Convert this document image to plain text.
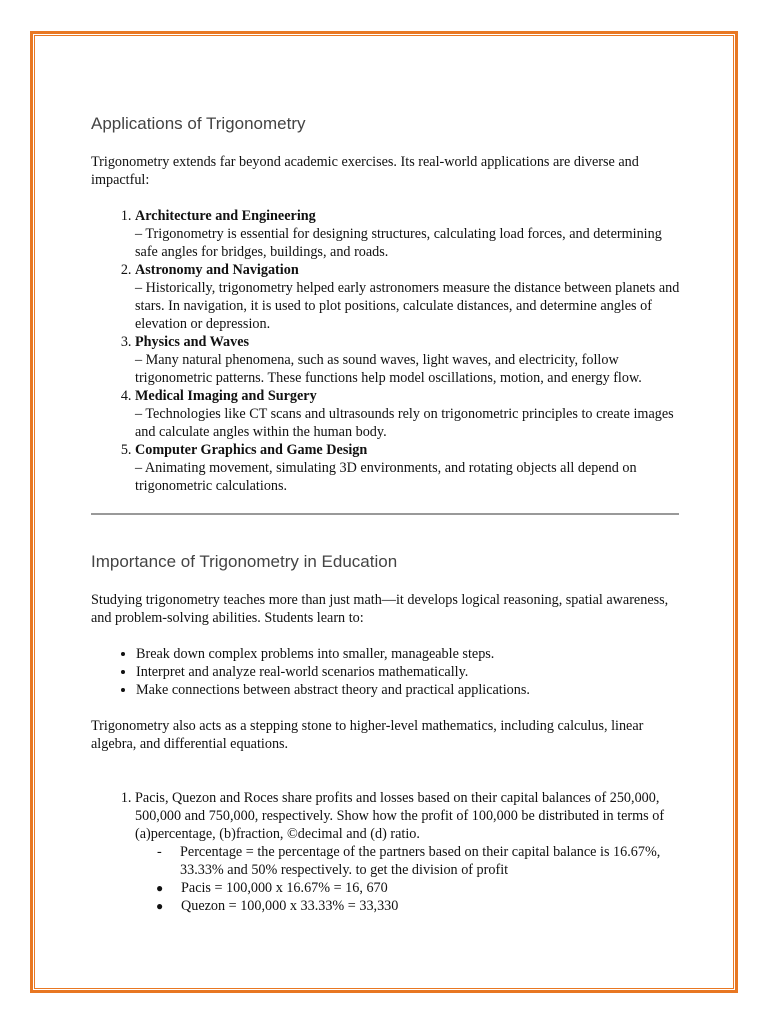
Applications of Trigonometry

Trigonometry extends far beyond academic exercises. Its real-world applications are diverse and impactful:

1. Architecture and Engineering
– Trigonometry is essential for designing structures, calculating load forces, and determining safe angles for bridges, buildings, and roads.
2. Astronomy and Navigation
– Historically, trigonometry helped early astronomers measure the distance between planets and stars. In navigation, it is used to plot positions, calculate distances, and determine angles of elevation or depression.
3. Physics and Waves
– Many natural phenomena, such as sound waves, light waves, and electricity, follow trigonometric patterns. These functions help model oscillations, motion, and energy flow.
4. Medical Imaging and Surgery
– Technologies like CT scans and ultrasounds rely on trigonometric principles to create images and calculate angles within the human body.
5. Computer Graphics and Game Design
– Animating movement, simulating 3D environments, and rotating objects all depend on trigonometric calculations.
Importance of Trigonometry in Education

Studying trigonometry teaches more than just math—it develops logical reasoning, spatial awareness, and problem-solving abilities. Students learn to:

• Break down complex problems into smaller, manageable steps.
• Interpret and analyze real-world scenarios mathematically.
• Make connections between abstract theory and practical applications.

Trigonometry also acts as a stepping stone to higher-level mathematics, including calculus, linear algebra, and differential equations.

1. Pacis, Quezon and Roces share profits and losses based on their capital balances of 250,000, 500,000 and 750,000, respectively. Show how the profit of 100,000 be distributed in terms of (a)percentage, (b)fraction, ©decimal and (d) ratio.
- Percentage = the percentage of the partners based on their capital balance is 16.67%, 33.33% and 50% respectively. to get the division of profit
● Pacis = 100,000 x 16.67% = 16, 670
● Quezon = 100,000 x 33.33% = 33,330
